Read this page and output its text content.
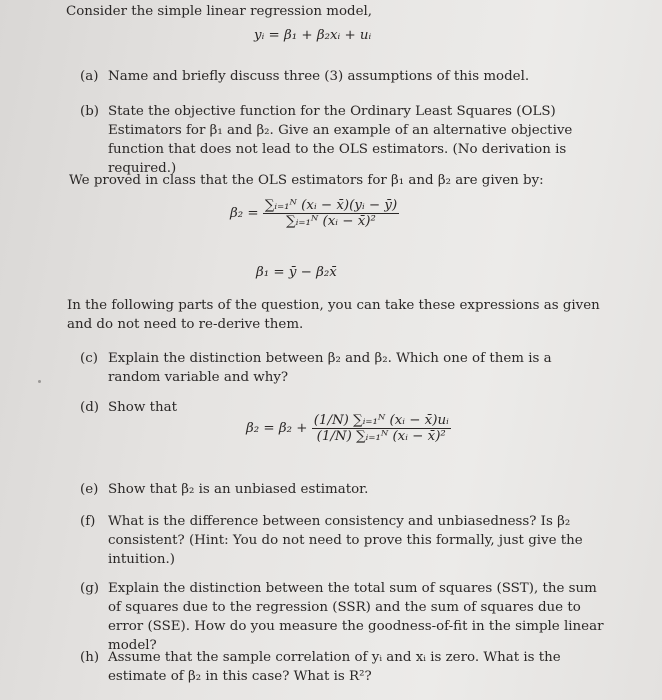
Consider the simple linear regression model,
yᵢ = β₁ + β₂xᵢ + uᵢ
(a) Name and briefly discuss three (3) assumptions of this model.
(b) State the objective function for the Ordinary Least Squares (OLS) Estimators for β₁ and β₂. Give an example of an alternative objective function that does not lead to the OLS estimators. (No derivation is required.)
We proved in class that the OLS estimators for β₁ and β₂ are given by:
$\beta_2 = \frac{\text{∑ᵢ₌₁ᴺ (xᵢ − x̄)(yᵢ − ȳ)}}{\text{∑ᵢ₌₁ᴺ (xᵢ − x̄)²}}$
β₁ = ȳ − β₂x̄
In the following parts of the question, you can take these expressions as given and do not need to re-derive them.
(c) Explain the distinction between β₂ and β₂. Which one of them is a random variable and why?
(d) Show that
$\beta_2 = \beta_2 + \frac{\text{(1/N) ∑ᵢ₌₁ᴺ (xᵢ − x̄)uᵢ}}{\text{(1/N) ∑ᵢ₌₁ᴺ (xᵢ − x̄)²}}$
(e) Show that β₂ is an unbiased estimator.
(f) What is the difference between consistency and unbiasedness? Is β₂ consistent? (Hint: You do not need to prove this formally, just give the intuition.)
(g) Explain the distinction between the total sum of squares (SST), the sum of squares due to the regression (SSR) and the sum of squares due to error (SSE). How do you measure the goodness-of-fit in the simple linear model?
(h) Assume that the sample correlation of yᵢ and xᵢ is zero. What is the estimate of β₂ in this case? What is R²?
